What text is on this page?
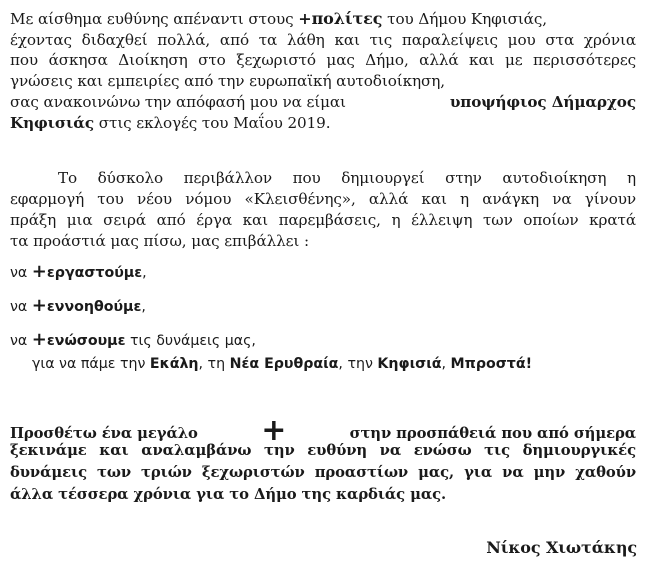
Με αίσθημα ευθύνης απέναντι στους +πολίτες του Δήμου Κηφισιάς,
έχοντας διδαχθεί πολλά, από τα λάθη και τις παραλείψεις μου στα χρόνια
που άσκησα Διοίκηση στο ξεχωριστό μας Δήμο, αλλά και με περισσότερες
γνώσεις και εμπειρίες από την ευρωπαϊκή αυτοδιοίκηση,
σας ανακοινώνω την απόφασή μου να είμαι	υποψήφιος Δήμαρχος
Κηφισιάς στις εκλογές του Μαΐου 2019.
Το δύσκολο περιβάλλον που δημιουργεί στην αυτοδιοίκηση η
εφαρμογή του νέου νόμου «Κλεισθένης», αλλά και η ανάγκη να γίνουν
πράξη μια σειρά από έργα και παρεμβάσεις, η έλλειψη των οποίων κρατά
τα προάστιά μας πίσω, μας επιβάλλει :
να +εργαστούμε,
να +εννοηθούμε,
να +ενώσουμε τις δυνάμεις μας,
για να πάμε την Εκάλη, τη Νέα Ερυθραία, την Κηφισιά, Μπροστά!
Προσθέτω ένα μεγάλο +	στην προσπάθειά που από σήμερα
ξεκινάμε και αναλαμβάνω την ευθύνη να ενώσω τις δημιουργικές
δυνάμεις των τριών ξεχωριστών προαστίων μας, για να μην χαθούν
άλλα τέσσερα χρόνια για το Δήμο της καρδιάς μας.
Νίκος Χιωτάκης
